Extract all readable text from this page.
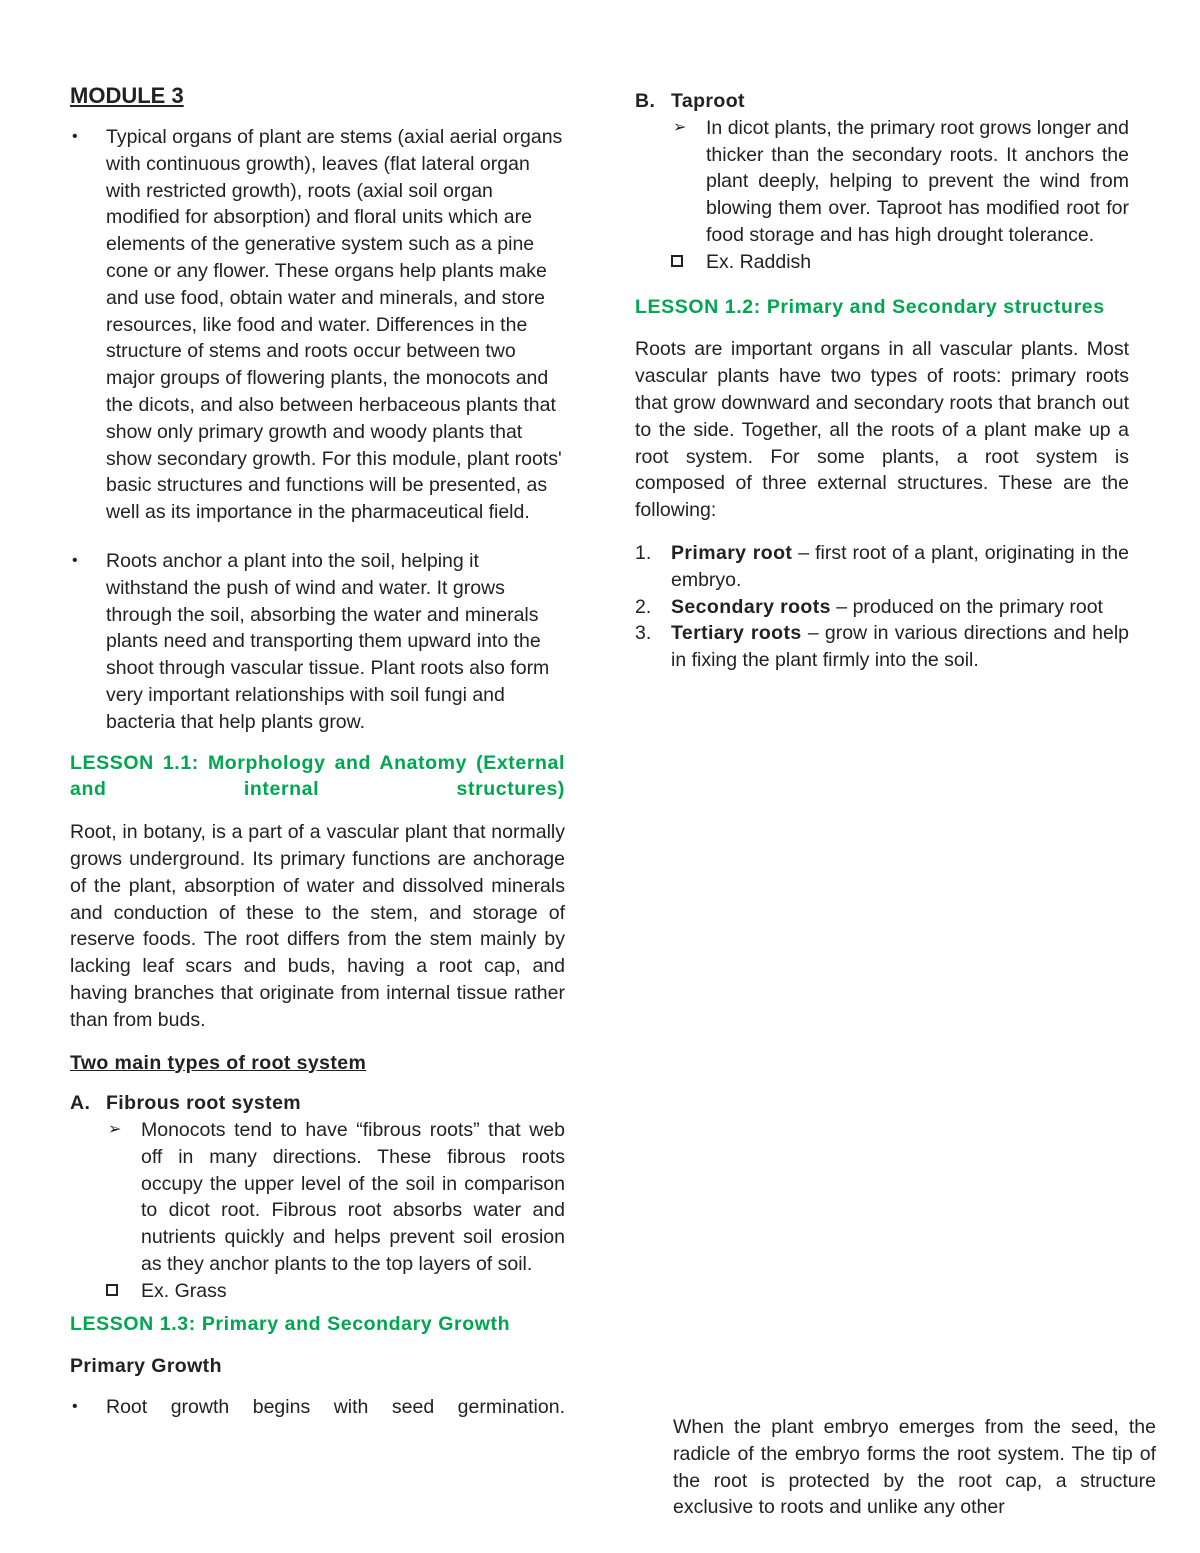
MODULE 3
• Typical organs of plant are stems (axial aerial organs with continuous growth), leaves (flat lateral organ with restricted growth), roots (axial soil organ modified for absorption) and floral units which are elements of the generative system such as a pine cone or any flower. These organs help plants make and use food, obtain water and minerals, and store resources, like food and water. Differences in the structure of stems and roots occur between two major groups of flowering plants, the monocots and the dicots, and also between herbaceous plants that show only primary growth and woody plants that show secondary growth. For this module, plant roots' basic structures and functions will be presented, as well as its importance in the pharmaceutical field.
• Roots anchor a plant into the soil, helping it withstand the push of wind and water. It grows through the soil, absorbing the water and minerals plants need and transporting them upward into the shoot through vascular tissue. Plant roots also form very important relationships with soil fungi and bacteria that help plants grow.
LESSON 1.1: Morphology and Anatomy (External and internal structures)
Root, in botany, is a part of a vascular plant that normally grows underground. Its primary functions are anchorage of the plant, absorption of water and dissolved minerals and conduction of these to the stem, and storage of reserve foods. The root differs from the stem mainly by lacking leaf scars and buds, having a root cap, and having branches that originate from internal tissue rather than from buds.
Two main types of root system
A. Fibrous root system
➢ Monocots tend to have “fibrous roots” that web off in many directions. These fibrous roots occupy the upper level of the soil in comparison to dicot root. Fibrous root absorbs water and nutrients quickly and helps prevent soil erosion as they anchor plants to the top layers of soil.
Ex. Grass
LESSON 1.3: Primary and Secondary Growth
Primary Growth
• Root growth begins with seed germination.
B. Taproot
➢ In dicot plants, the primary root grows longer and thicker than the secondary roots. It anchors the plant deeply, helping to prevent the wind from blowing them over. Taproot has modified root for food storage and has high drought tolerance.
Ex. Raddish
LESSON 1.2: Primary and Secondary structures
Roots are important organs in all vascular plants. Most vascular plants have two types of roots: primary roots that grow downward and secondary roots that branch out to the side. Together, all the roots of a plant make up a root system. For some plants, a root system is composed of three external structures. These are the following:
1. Primary root – first root of a plant, originating in the embryo.
2. Secondary roots – produced on the primary root
3. Tertiary roots – grow in various directions and help in fixing the plant firmly into the soil.
When the plant embryo emerges from the seed, the radicle of the embryo forms the root system. The tip of the root is protected by the root cap, a structure exclusive to roots and unlike any other
